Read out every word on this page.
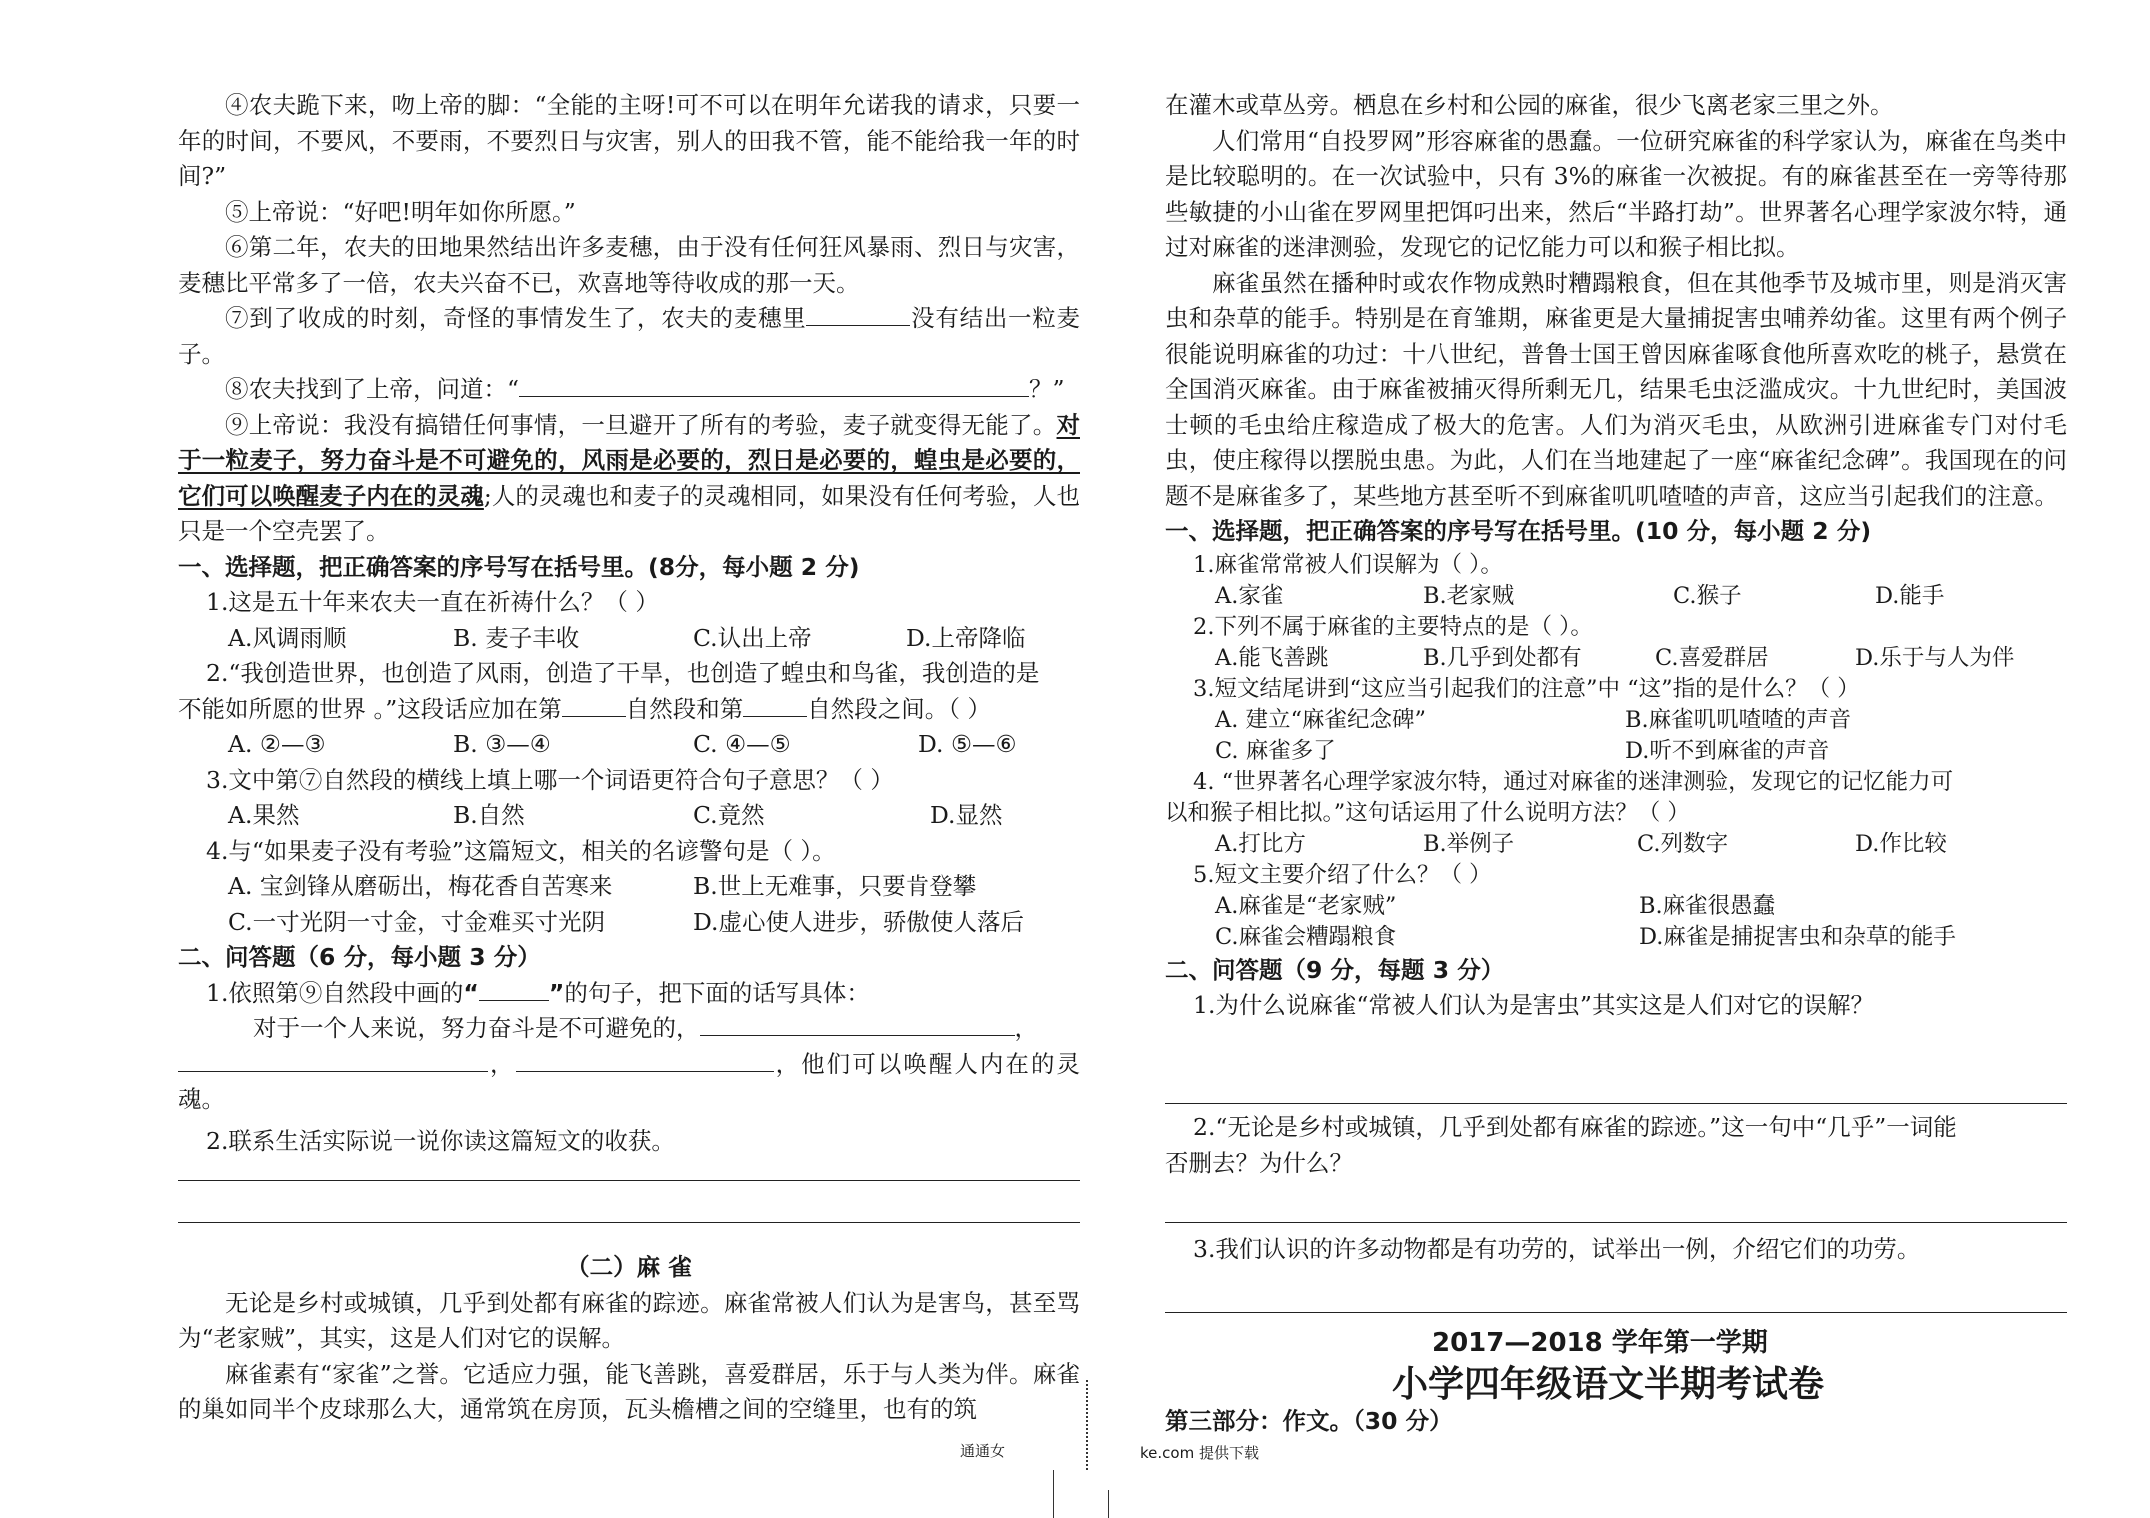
④农夫跪下来，吻上帝的脚：“全能的主呀!可不可以在明年允诺我的请求，只要一年的时间，不要风，不要雨，不要烈日与灾害，别人的田我不管，能不能给我一年的时间?”

⑤上帝说：“好吧!明年如你所愿。”

⑥第二年，农夫的田地果然结出许多麦穗，由于没有任何狂风暴雨、烈日与灾害，麦穗比平常多了一倍，农夫兴奋不已，欢喜地等待收成的那一天。

⑦到了收成的时刻，奇怪的事情发生了，农夫的麦穗里	没有结出一粒麦子。

⑧农夫找到了上帝，问道：“	？”

⑨上帝说：我没有搞错任何事情，一旦避开了所有的考验，麦子就变得无能了。对于一粒麦子，努力奋斗是不可避免的，风雨是必要的，烈日是必要的，蝗虫是必要的，它们可以唤醒麦子内在的灵魂;人的灵魂也和麦子的灵魂相同，如果没有任何考验，人也只是一个空壳罢了。

一、选择题，把正确答案的序号写在括号里。(8分，每小题 2 分)

1.这是五十年来农夫一直在祈祷什么？（ ）

A.风调雨顺	B. 麦子丰收	C.认出上帝	D.上帝降临

2.“我创造世界，也创造了风雨，创造了干旱，也创造了蝗虫和鸟雀，我创造的是

不能如所愿的世界 。”这段话应加在第	自然段和第	自然段之间。（ ）

A. ②—③	B. ③—④	C. ④—⑤	D. ⑤—⑥

3.文中第⑦自然段的横线上填上哪一个词语更符合句子意思？（ ）

A.果然	B.自然	C.竟然	D.显然

4.与“如果麦子没有考验”这篇短文，相关的名谚警句是（ ）。

A. 宝剑锋从磨砺出，梅花香自苦寒来	B.世上无难事，只要肯登攀
C.一寸光阴一寸金，寸金难买寸光阴	D.虚心使人进步，骄傲使人落后

二、问答题（6 分，每小题 3 分）

1.依照第⑨自然段中画的“	”的句子，把下面的话写具体：

对于一个人来说，努力奋斗是不可避免的，	，

，	，他们可以唤醒人内在的灵魂。

2.联系生活实际说一说你读这篇短文的收获。

（二）麻 雀

无论是乡村或城镇，几乎到处都有麻雀的踪迹。麻雀常被人们认为是害鸟，甚至骂为“老家贼”，其实，这是人们对它的误解。

麻雀素有“家雀”之誉。它适应力强，能飞善跳，喜爱群居，乐于与人类为伴。麻雀的巢如同半个皮球那么大，通常筑在房顶，瓦头檐槽之间的空缝里，也有的筑

通通女

在灌木或草丛旁。栖息在乡村和公园的麻雀，很少飞离老家三里之外。

人们常用“自投罗网”形容麻雀的愚蠢。一位研究麻雀的科学家认为，麻雀在鸟类中是比较聪明的。在一次试验中，只有 3%的麻雀一次被捉。有的麻雀甚至在一旁等待那些敏捷的小山雀在罗网里把饵叼出来，然后“半路打劫”。世界著名心理学家波尔特，通过对麻雀的迷津测验，发现它的记忆能力可以和猴子相比拟。

麻雀虽然在播种时或农作物成熟时糟蹋粮食，但在其他季节及城市里，则是消灭害虫和杂草的能手。特别是在育雏期，麻雀更是大量捕捉害虫哺养幼雀。这里有两个例子很能说明麻雀的功过：十八世纪，普鲁士国王曾因麻雀啄食他所喜欢吃的桃子，悬赏在全国消灭麻雀。由于麻雀被捕灭得所剩无几，结果毛虫泛滥成灾。十九世纪时，美国波士顿的毛虫给庄稼造成了极大的危害。人们为消灭毛虫，从欧洲引进麻雀专门对付毛虫，使庄稼得以摆脱虫患。为此，人们在当地建起了一座“麻雀纪念碑”。我国现在的问题不是麻雀多了，某些地方甚至听不到麻雀叽叽喳喳的声音，这应当引起我们的注意。

一、选择题，把正确答案的序号写在括号里。(10 分，每小题 2 分)

1.麻雀常常被人们误解为（ ）。
A.家雀	B.老家贼	C.猴子	D.能手
2.下列不属于麻雀的主要特点的是（ ）。
A.能飞善跳	B.几乎到处都有	C.喜爱群居	D.乐于与人为伴
3.短文结尾讲到“这应当引起我们的注意”中 “这”指的是什么？（ ）
A. 建立“麻雀纪念碑”	B.麻雀叽叽喳喳的声音
C. 麻雀多了	D.听不到麻雀的声音
4. “世界著名心理学家波尔特，通过对麻雀的迷津测验，发现它的记忆能力可
以和猴子相比拟。”这句话运用了什么说明方法？（ ）
A.打比方	B.举例子	C.列数字	D.作比较
5.短文主要介绍了什么？（ ）
A.麻雀是“老家贼”	B.麻雀很愚蠢
C.麻雀会糟蹋粮食	D.麻雀是捕捉害虫和杂草的能手

二、问答题（9 分，每题 3 分）

1.为什么说麻雀“常被人们认为是害虫”其实这是人们对它的误解？

2.“无论是乡村或城镇，几乎到处都有麻雀的踪迹。”这一句中“几乎”一词能
否删去？为什么？
3.我们认识的许多动物都是有功劳的，试举出一例，介绍它们的功劳。
2017—2018 学年第一学期
小学四年级语文半期考试卷
第三部分：作文。（30 分）
ke.com 提供下载
